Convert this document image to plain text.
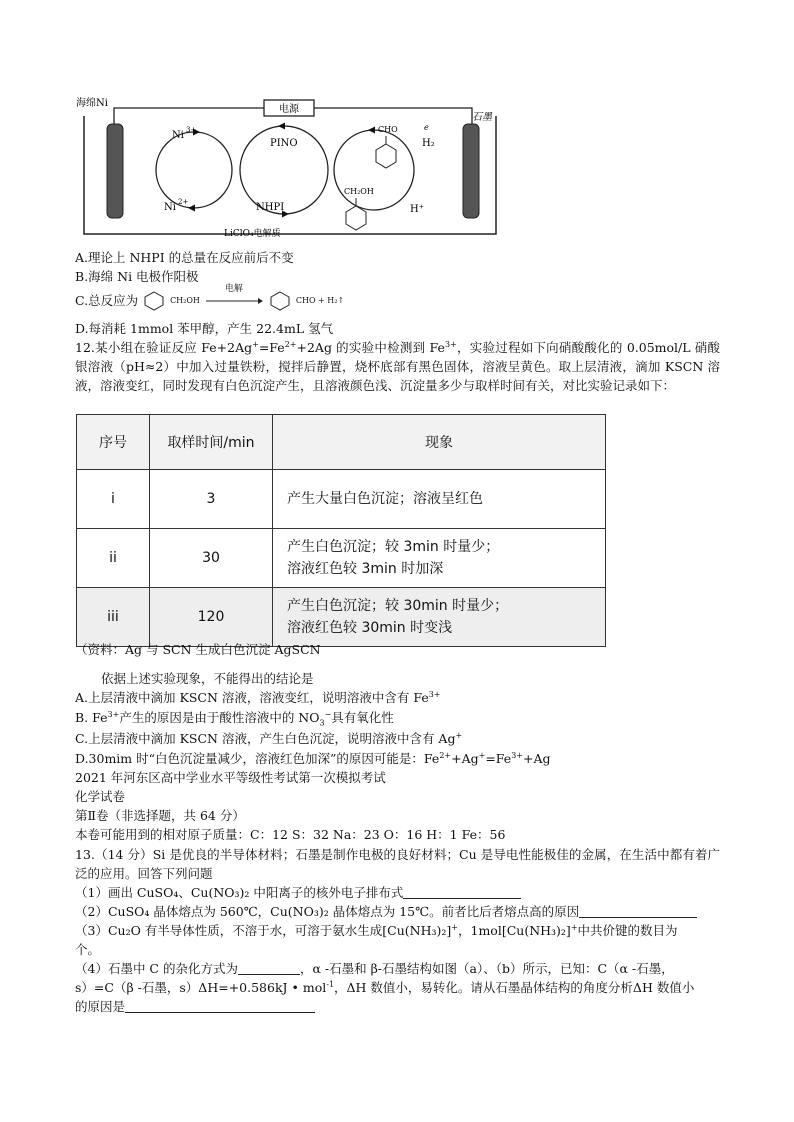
电源
海绵Ni
石墨
Ni 3+
Ni 2+
PINO
NHPI
CHO
CH₂OH
H₂
e
H⁺
LiClO₄电解质
A.理论上 NHPI 的总量在反应前后不变
B.海绵 Ni 电极作阳极
C.总反应为	CH₂OH
电解
CHO + H₂↑
D.每消耗 1mmol 苯甲醇，产生 22.4mL 氢气
12.某小组在验证反应 $Fe+2Ag^+=Fe^{2+}+2Ag$ 的实验中检测到 $Fe^{3+}$，实验过程如下向硝酸酸化的 0.05mol/L 硝酸银溶液（pH≈2）中加入过量铁粉，搅拌后静置，烧杯底部有黑色固体，溶液呈黄色。取上层清液，滴加 KSCN 溶液，溶液变红，同时发现有白色沉淀产生，且溶液颜色浅、沉淀量多少与取样时间有关，对比实验记录如下：
序号	取样时间/min	现象
i	3	产生大量白色沉淀；溶液呈红色
ii	30	产生白色沉淀；较 3min 时量少；
溶液红色较 3min 时加深
iii	120	产生白色沉淀；较 30min 时量少；
溶液红色较 30min 时变浅
（资料：Ag 与 SCN 生成白色沉淀 AgSCN
依据上述实验现象，不能得出的结论是
A.上层清液中滴加 KSCN 溶液，溶液变红，说明溶液中含有 $Fe^{3+}$
B. $Fe^{3+}$产生的原因是由于酸性溶液中的 $NO_3^-$具有氧化性
C.上层清液中滴加 KSCN 溶液，产生白色沉淀，说明溶液中含有 Ag+
D.30mim 时“白色沉淀量减少，溶液红色加深”的原因可能是：$Fe^{2+}+Ag^+=Fe^{3+}+Ag$
2021 年河东区高中学业水平等级性考试第一次模拟考试
化学试卷
第Ⅱ卷（非选择题，共 64 分）
本卷可能用到的相对原子质量：C：12 S：32 Na：23 O：16 H：1 Fe：56
13.（14 分）Si 是优良的半导体材料；石墨是制作电极的良好材料；Cu 是导电性能极佳的金属，在生活中都有着广泛的应用。回答下列问题
（1）画出 CuSO₄、Cu(NO₃)₂ 中阳离子的核外电子排布式
（2）CuSO₄ 晶体熔点为 560℃，Cu(NO₃)₂ 晶体熔点为 15℃。前者比后者熔点高的原因
（3）Cu₂O 有半导体性质，不溶于水，可溶于氨水生成[Cu(NH₃)₂]+，1mol[Cu(NH₃)₂]+中共价键的数目为
个。
（4）石墨中 C 的杂化方式为	，α -石墨和 β-石墨结构如图（a）、（b）所示，已知：C（α -石墨，
s）=C（β -石墨，s）ΔH=+0.586kJ • mol$^{-1}$，ΔH 数值小，易转化。请从石墨晶体结构的角度分析ΔH 数值小
的原因是
